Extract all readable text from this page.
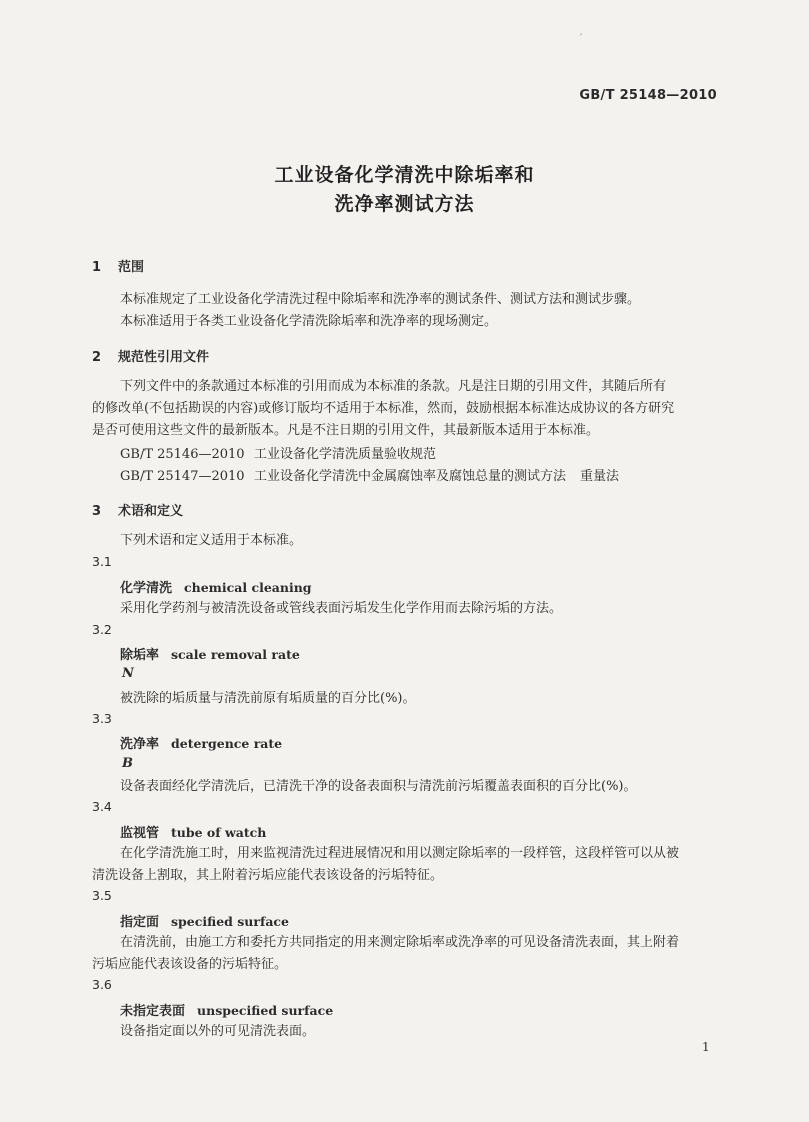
ˊ
GB/T 25148—2010
工业设备化学清洗中除垢率和
洗净率测试方法
1 范围
本标准规定了工业设备化学清洗过程中除垢率和洗净率的测试条件、测试方法和测试步骤。
本标准适用于各类工业设备化学清洗除垢率和洗净率的现场测定。
2 规范性引用文件
下列文件中的条款通过本标准的引用而成为本标准的条款。凡是注日期的引用文件，其随后所有
的修改单(不包括勘误的内容)或修订版均不适用于本标准，然而，鼓励根据本标准达成协议的各方研究
是否可使用这些文件的最新版本。凡是不注日期的引用文件，其最新版本适用于本标准。
GB/T 25146—2010 工业设备化学清洗质量验收规范
GB/T 25147—2010 工业设备化学清洗中金属腐蚀率及腐蚀总量的测试方法 重量法
3 术语和定义
下列术语和定义适用于本标准。
3.1
化学清洗 chemical cleaning
采用化学药剂与被清洗设备或管线表面污垢发生化学作用而去除污垢的方法。
3.2
除垢率 scale removal rate
N
被洗除的垢质量与清洗前原有垢质量的百分比(%)。
3.3
洗净率 detergence rate
B
设备表面经化学清洗后，已清洗干净的设备表面积与清洗前污垢覆盖表面积的百分比(%)。
3.4
监视管 tube of watch
在化学清洗施工时，用来监视清洗过程进展情况和用以测定除垢率的一段样管，这段样管可以从被
清洗设备上割取，其上附着污垢应能代表该设备的污垢特征。
3.5
指定面 specified surface
在清洗前，由施工方和委托方共同指定的用来测定除垢率或洗净率的可见设备清洗表面，其上附着
污垢应能代表该设备的污垢特征。
3.6
未指定表面 unspecified surface
设备指定面以外的可见清洗表面。
1
